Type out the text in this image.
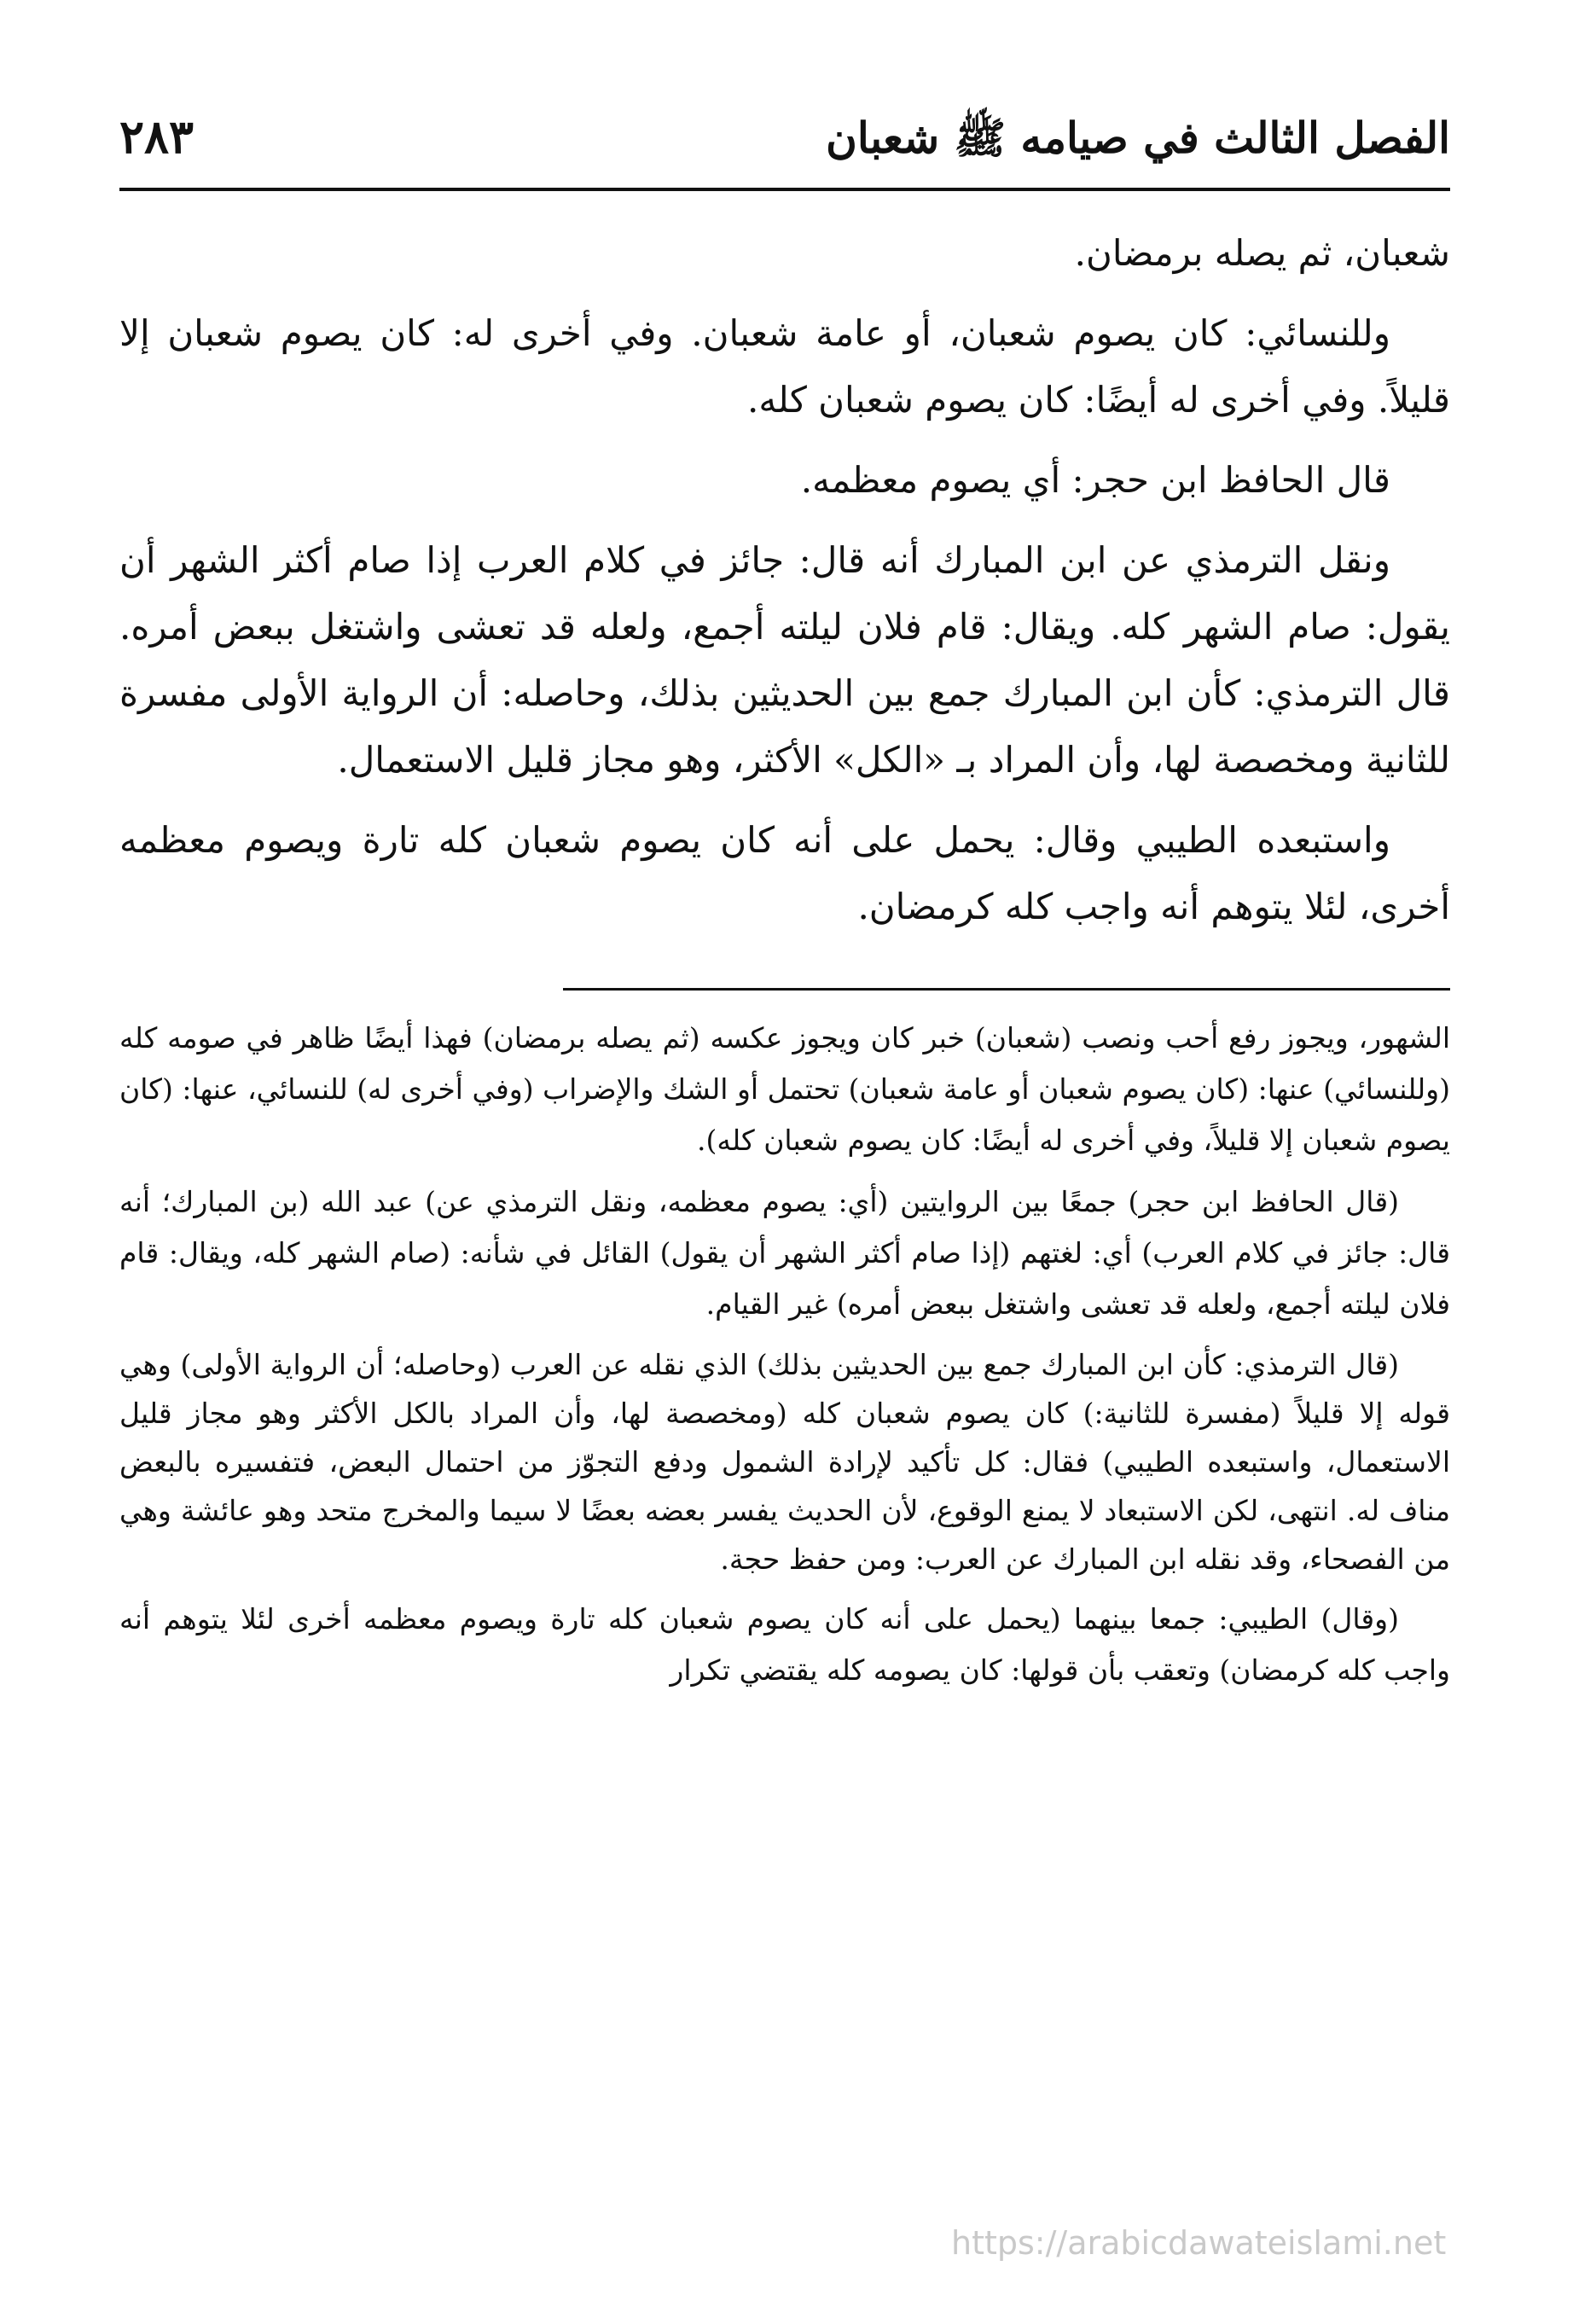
الفصل الثالث في صيامه ﷺ شعبان
٢٨٣

شعبان، ثم يصله برمضان.

وللنسائي: كان يصوم شعبان، أو عامة شعبان. وفي أخرى له: كان يصوم شعبان إلا قليلاً. وفي أخرى له أيضًا: كان يصوم شعبان كله.

قال الحافظ ابن حجر: أي يصوم معظمه.

ونقل الترمذي عن ابن المبارك أنه قال: جائز في كلام العرب إذا صام أكثر الشهر أن يقول: صام الشهر كله. ويقال: قام فلان ليلته أجمع، ولعله قد تعشى واشتغل ببعض أمره. قال الترمذي: كأن ابن المبارك جمع بين الحديثين بذلك، وحاصله: أن الرواية الأولى مفسرة للثانية ومخصصة لها، وأن المراد بـ «الكل» الأكثر، وهو مجاز قليل الاستعمال.

واستبعده الطيبي وقال: يحمل على أنه كان يصوم شعبان كله تارة ويصوم معظمه أخرى، لئلا يتوهم أنه واجب كله كرمضان.

الشهور، ويجوز رفع أحب ونصب (شعبان) خبر كان ويجوز عكسه (ثم يصله برمضان) فهذا أيضًا ظاهر في صومه كله (وللنسائي) عنها: (كان يصوم شعبان أو عامة شعبان) تحتمل أو الشك والإضراب (وفي أخرى له) للنسائي، عنها: (كان يصوم شعبان إلا قليلاً، وفي أخرى له أيضًا: كان يصوم شعبان كله).

(قال الحافظ ابن حجر) جمعًا بين الروايتين (أي: يصوم معظمه، ونقل الترمذي عن) عبد الله (بن المبارك؛ أنه قال: جائز في كلام العرب) أي: لغتهم (إذا صام أكثر الشهر أن يقول) القائل في شأنه: (صام الشهر كله، ويقال: قام فلان ليلته أجمع، ولعله قد تعشى واشتغل ببعض أمره) غير القيام.

(قال الترمذي: كأن ابن المبارك جمع بين الحديثين بذلك) الذي نقله عن العرب (وحاصله؛ أن الرواية الأولى) وهي قوله إلا قليلاً (مفسرة للثانية:) كان يصوم شعبان كله (ومخصصة لها، وأن المراد بالكل الأكثر وهو مجاز قليل الاستعمال، واستبعده الطيبي) فقال: كل تأكيد لإرادة الشمول ودفع التجوّز من احتمال البعض، فتفسيره بالبعض مناف له. انتهى، لكن الاستبعاد لا يمنع الوقوع، لأن الحديث يفسر بعضه بعضًا لا سيما والمخرج متحد وهو عائشة وهي من الفصحاء، وقد نقله ابن المبارك عن العرب: ومن حفظ حجة.

(وقال) الطيبي: جمعا بينهما (يحمل على أنه كان يصوم شعبان كله تارة ويصوم معظمه أخرى لئلا يتوهم أنه واجب كله كرمضان) وتعقب بأن قولها: كان يصومه كله يقتضي تكرار

https://arabicdawateislami.net
